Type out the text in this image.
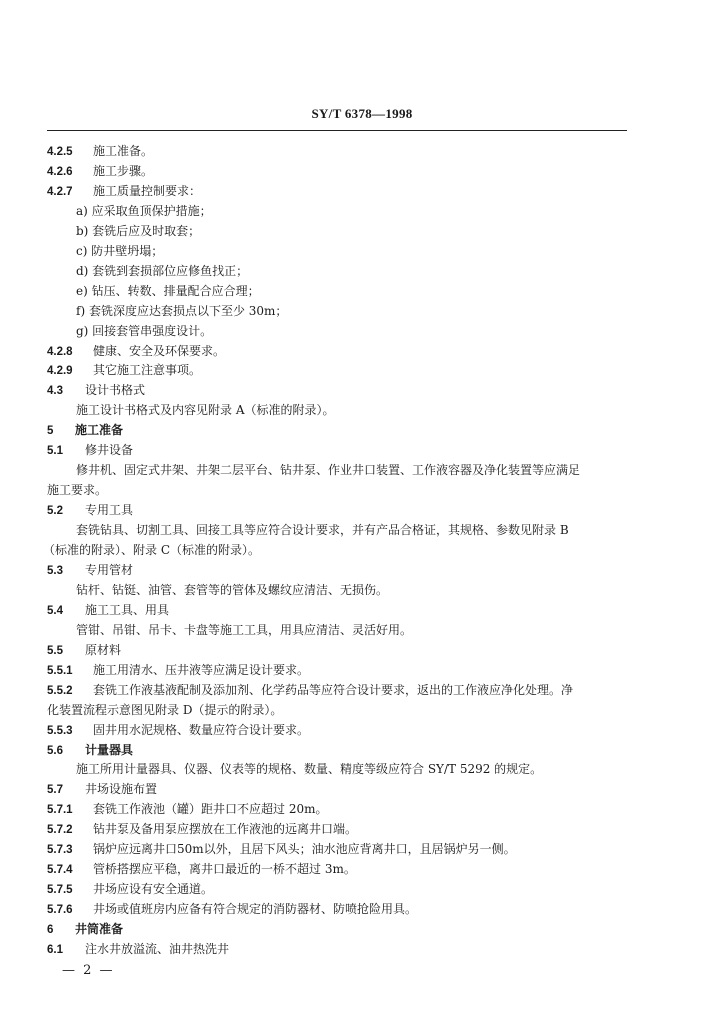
SY/T 6378—1998
4.2.5 施工准备。
4.2.6 施工步骤。
4.2.7 施工质量控制要求：
a) 应采取鱼顶保护措施；
b) 套铣后应及时取套；
c) 防井壁坍塌；
d) 套铣到套损部位应修鱼找正；
e) 钻压、转数、排量配合应合理；
f) 套铣深度应达套损点以下至少 30m；
g) 回接套管串强度设计。
4.2.8 健康、安全及环保要求。
4.2.9 其它施工注意事项。
4.3 设计书格式
施工设计书格式及内容见附录 A（标准的附录）。
5 施工准备
5.1 修井设备
修井机、固定式井架、井架二层平台、钻井泵、作业井口装置、工作液容器及净化装置等应满足
施工要求。
5.2 专用工具
套铣钻具、切割工具、回接工具等应符合设计要求，并有产品合格证，其规格、参数见附录 B
（标准的附录）、附录 C（标准的附录）。
5.3 专用管材
钻杆、钻铤、油管、套管等的管体及螺纹应清洁、无损伤。
5.4 施工工具、用具
管钳、吊钳、吊卡、卡盘等施工工具，用具应清洁、灵活好用。
5.5 原材料
5.5.1 施工用清水、压井液等应满足设计要求。
5.5.2 套铣工作液基液配制及添加剂、化学药品等应符合设计要求，返出的工作液应净化处理。净
化装置流程示意图见附录 D（提示的附录）。
5.5.3 固井用水泥规格、数量应符合设计要求。
5.6 计量器具
施工所用计量器具、仪器、仪表等的规格、数量、精度等级应符合 SY/T 5292 的规定。
5.7 井场设施布置
5.7.1 套铣工作液池（罐）距井口不应超过 20m。
5.7.2 钻井泵及备用泵应摆放在工作液池的远离井口端。
5.7.3 锅炉应远离井口50m以外，且居下风头；油水池应背离井口，且居锅炉另一侧。
5.7.4 管桥搭摆应平稳，离井口最近的一桥不超过 3m。
5.7.5 井场应设有安全通道。
5.7.6 井场或值班房内应备有符合规定的消防器材、防喷抢险用具。
6 井筒准备
6.1 注水井放溢流、油井热洗井
— 2 —
